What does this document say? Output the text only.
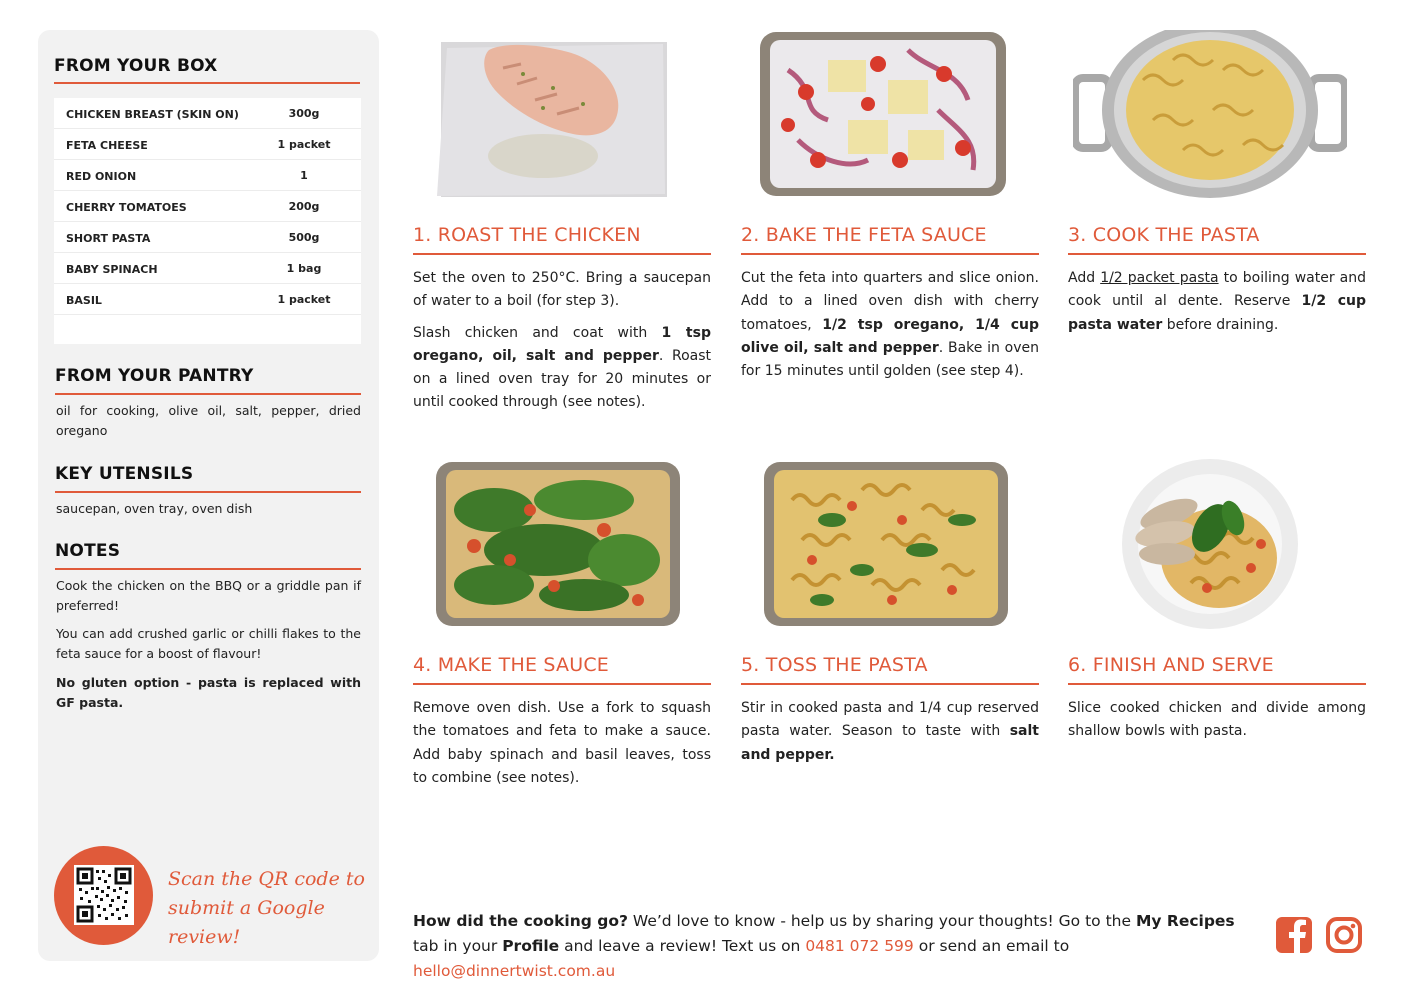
FROM YOUR BOX
CHICKEN BREAST (SKIN ON)	300g
FETA CHEESE	1 packet
RED ONION	1
CHERRY TOMATOES	200g
SHORT PASTA	500g
BABY SPINACH	1 bag
BASIL	1 packet
FROM YOUR PANTRY
oil for cooking, olive oil, salt, pepper, dried oregano
KEY UTENSILS
saucepan, oven tray, oven dish
NOTES
Cook the chicken on the BBQ or a griddle pan if preferred!
You can add crushed garlic or chilli flakes to the feta sauce for a boost of flavour!
No gluten option - pasta is replaced with GF pasta.
Scan the QR code to
submit a Google review!
1. ROAST THE CHICKEN

Set the oven to 250°C. Bring a saucepan of water to a boil (for step 3).

Slash chicken and coat with 1 tsp oregano, oil, salt and pepper. Roast on a lined oven tray for 20 minutes or until cooked through (see notes).

2. BAKE THE FETA SAUCE

Cut the feta into quarters and slice onion. Add to a lined oven dish with cherry tomatoes, 1/2 tsp oregano, 1/4 cup olive oil, salt and pepper. Bake in oven for 15 minutes until golden (see step 4).

3. COOK THE PASTA

Add 1/2 packet pasta to boiling water and cook until al dente. Reserve 1/2 cup pasta water before draining.

4. MAKE THE SAUCE

Remove oven dish. Use a fork to squash the tomatoes and feta to make a sauce. Add baby spinach and basil leaves, toss to combine (see notes).

5. TOSS THE PASTA

Stir in cooked pasta and 1/4 cup reserved pasta water. Season to taste with salt and pepper.

6. FINISH AND SERVE

Slice cooked chicken and divide among shallow bowls with pasta.

How did the cooking go? We’d love to know - help us by sharing your thoughts! Go to the My Recipes tab in your Profile and leave a review! Text us on 0481 072 599 or send an email to hello@dinnertwist.com.au
